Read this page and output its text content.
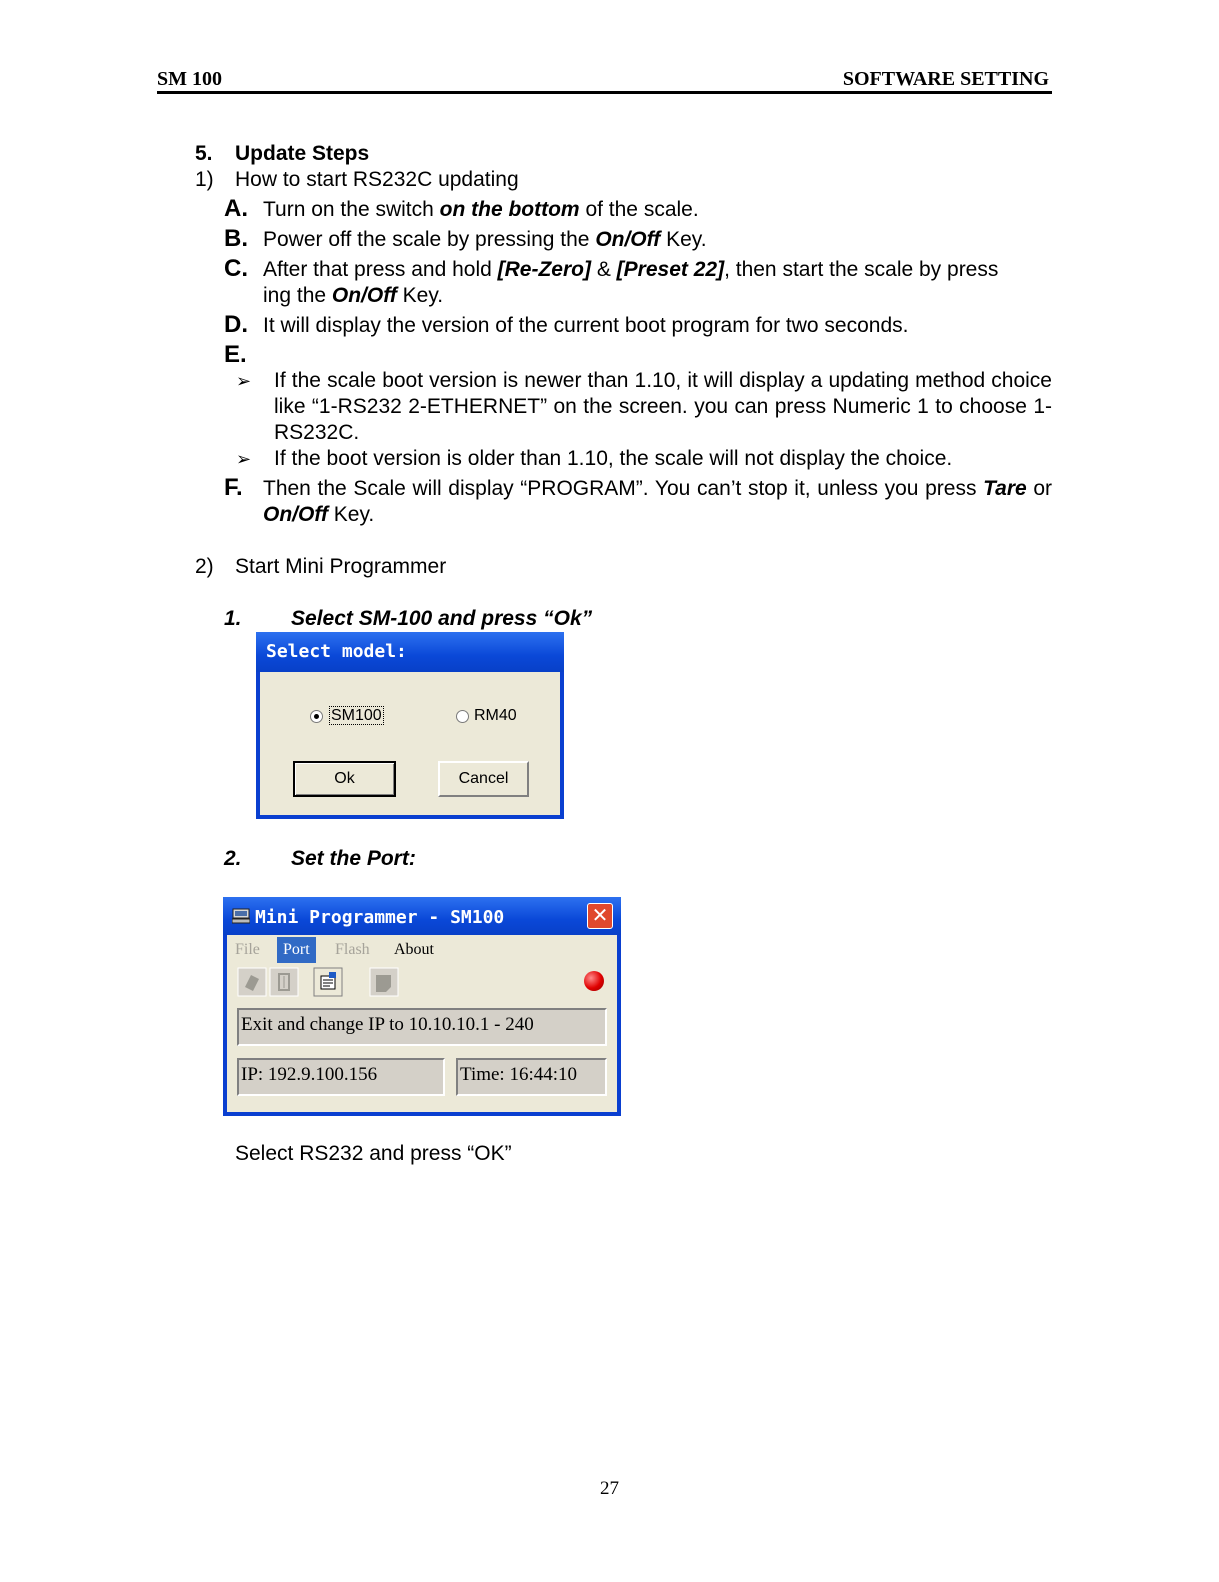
SM 100	SOFTWARE SETTING
5. Update Steps
1) How to start RS232C updating
A. Turn on the switch on the bottom of the scale.
B. Power off the scale by pressing the On/Off Key.
C. After that press and hold [Re-Zero] & [Preset 22], then start the scale by press
ing the On/Off Key.
D. It will display the version of the current boot program for two seconds.
E.
➢ If the scale boot version is newer than 1.10, it will display a updating method choice like “1-RS232 2-ETHERNET” on the screen. you can press Numeric 1 to choose 1-RS232C.
➢ If the boot version is older than 1.10, the scale will not display the choice.
F. Then the Scale will display “PROGRAM”. You can’t stop it, unless you press Tare or On/Off Key.
2) Start Mini Programmer
1. Select SM-100 and press “Ok”
Select model:
SM100	RM40
Ok	Cancel
2. Set the Port:
Mini Programmer - SM100	✕
File	Port	Flash About
Exit and change IP to 10.10.10.1 - 240
IP: 192.9.100.156	Time: 16:44:10
Select RS232 and press “OK”
27
